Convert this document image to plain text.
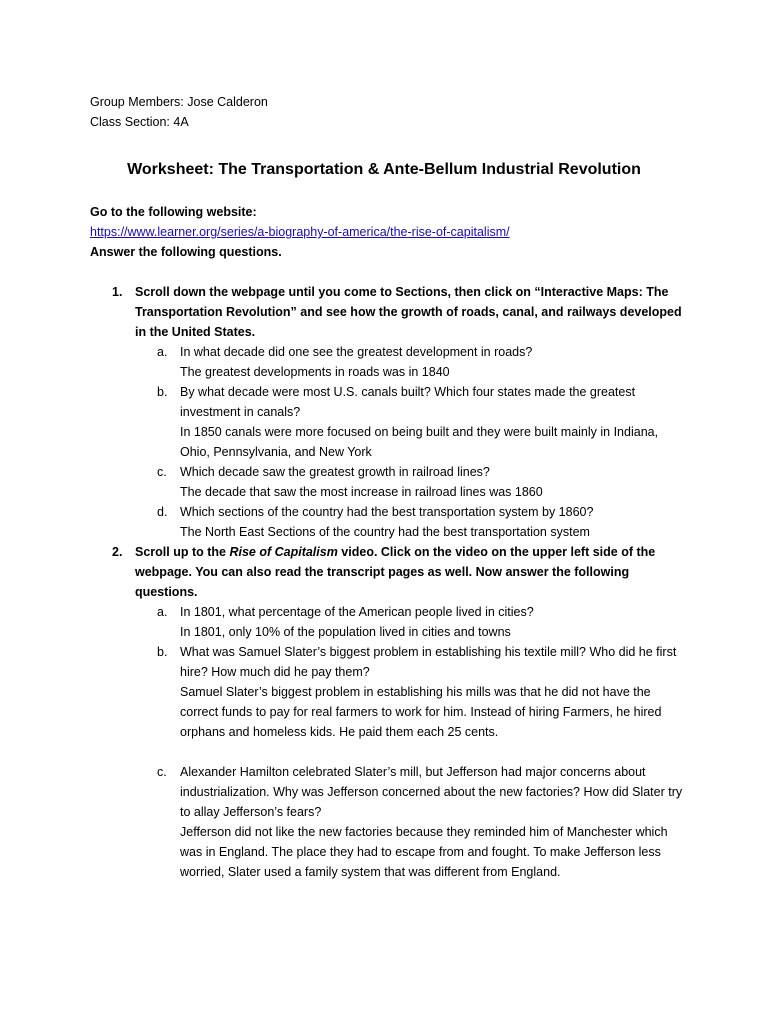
Group Members: Jose Calderon
Class Section: 4A
Worksheet: The Transportation & Ante-Bellum Industrial Revolution
Go to the following website:
https://www.learner.org/series/a-biography-of-america/the-rise-of-capitalism/
Answer the following questions.
1. Scroll down the webpage until you come to Sections, then click on “Interactive Maps: The Transportation Revolution” and see how the growth of roads, canal, and railways developed in the United States.
a. In what decade did one see the greatest development in roads?
The greatest developments in roads was in 1840
b. By what decade were most U.S. canals built? Which four states made the greatest investment in canals?
In 1850 canals were more focused on being built and they were built mainly in Indiana, Ohio, Pennsylvania, and New York
c. Which decade saw the greatest growth in railroad lines?
The decade that saw the most increase in railroad lines was 1860
d. Which sections of the country had the best transportation system by 1860?
The North East Sections of the country had the best transportation system
2. Scroll up to the Rise of Capitalism video. Click on the video on the upper left side of the webpage. You can also read the transcript pages as well. Now answer the following questions.
a. In 1801, what percentage of the American people lived in cities?
In 1801, only 10% of the population lived in cities and towns
b. What was Samuel Slater’s biggest problem in establishing his textile mill? Who did he first hire? How much did he pay them?
Samuel Slater’s biggest problem in establishing his mills was that he did not have the correct funds to pay for real farmers to work for him. Instead of hiring Farmers, he hired orphans and homeless kids. He paid them each 25 cents.
c. Alexander Hamilton celebrated Slater’s mill, but Jefferson had major concerns about industrialization. Why was Jefferson concerned about the new factories? How did Slater try to allay Jefferson’s fears?
Jefferson did not like the new factories because they reminded him of Manchester which was in England. The place they had to escape from and fought. To make Jefferson less worried, Slater used a family system that was different from England.
